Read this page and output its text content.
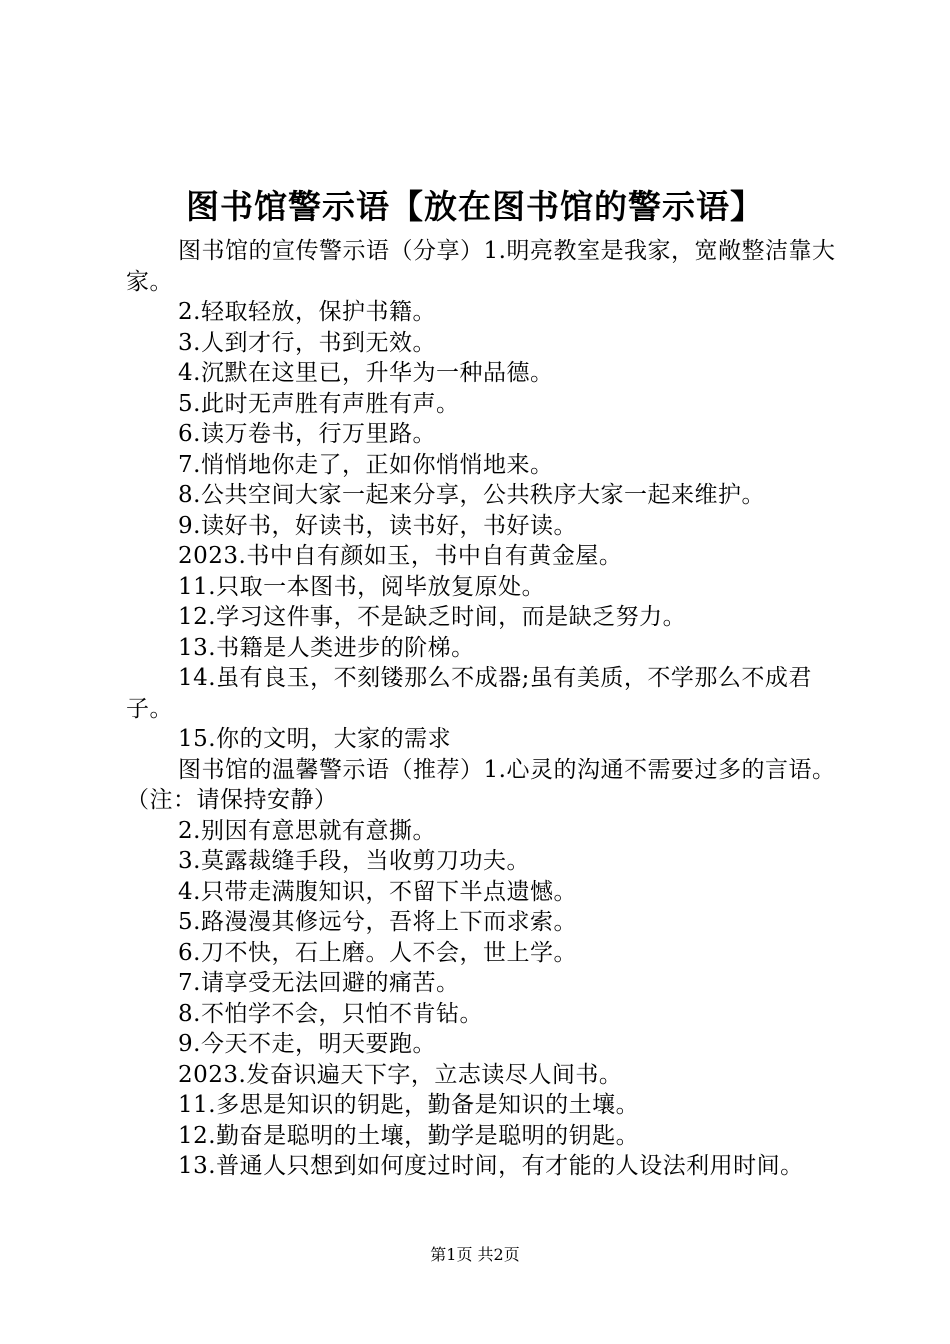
图书馆警示语【放在图书馆的警示语】

图书馆的宣传警示语（分享）1.明亮教室是我家，宽敞整洁靠大家。

2.轻取轻放，保护书籍。

3.人到才行，书到无效。

4.沉默在这里已，升华为一种品德。

5.此时无声胜有声胜有声。

6.读万卷书，行万里路。

7.悄悄地你走了，正如你悄悄地来。

8.公共空间大家一起来分享，公共秩序大家一起来维护。

9.读好书，好读书，读书好，书好读。

2023.书中自有颜如玉，书中自有黄金屋。

11.只取一本图书，阅毕放复原处。

12.学习这件事，不是缺乏时间，而是缺乏努力。

13.书籍是人类进步的阶梯。

14.虽有良玉，不刻镂那么不成器;虽有美质，不学那么不成君子。

15.你的文明，大家的需求

图书馆的温馨警示语（推荐）1.心灵的沟通不需要过多的言语。（注：请保持安静）

2.别因有意思就有意撕。

3.莫露裁缝手段，当收剪刀功夫。

4.只带走满腹知识，不留下半点遗憾。

5.路漫漫其修远兮，吾将上下而求索。

6.刀不快，石上磨。人不会，世上学。

7.请享受无法回避的痛苦。

8.不怕学不会，只怕不肯钻。

9.今天不走，明天要跑。

2023.发奋识遍天下字，立志读尽人间书。

11.多思是知识的钥匙，勤备是知识的土壤。

12.勤奋是聪明的土壤，勤学是聪明的钥匙。

13.普通人只想到如何度过时间，有才能的人设法利用时间。

第1页 共2页
